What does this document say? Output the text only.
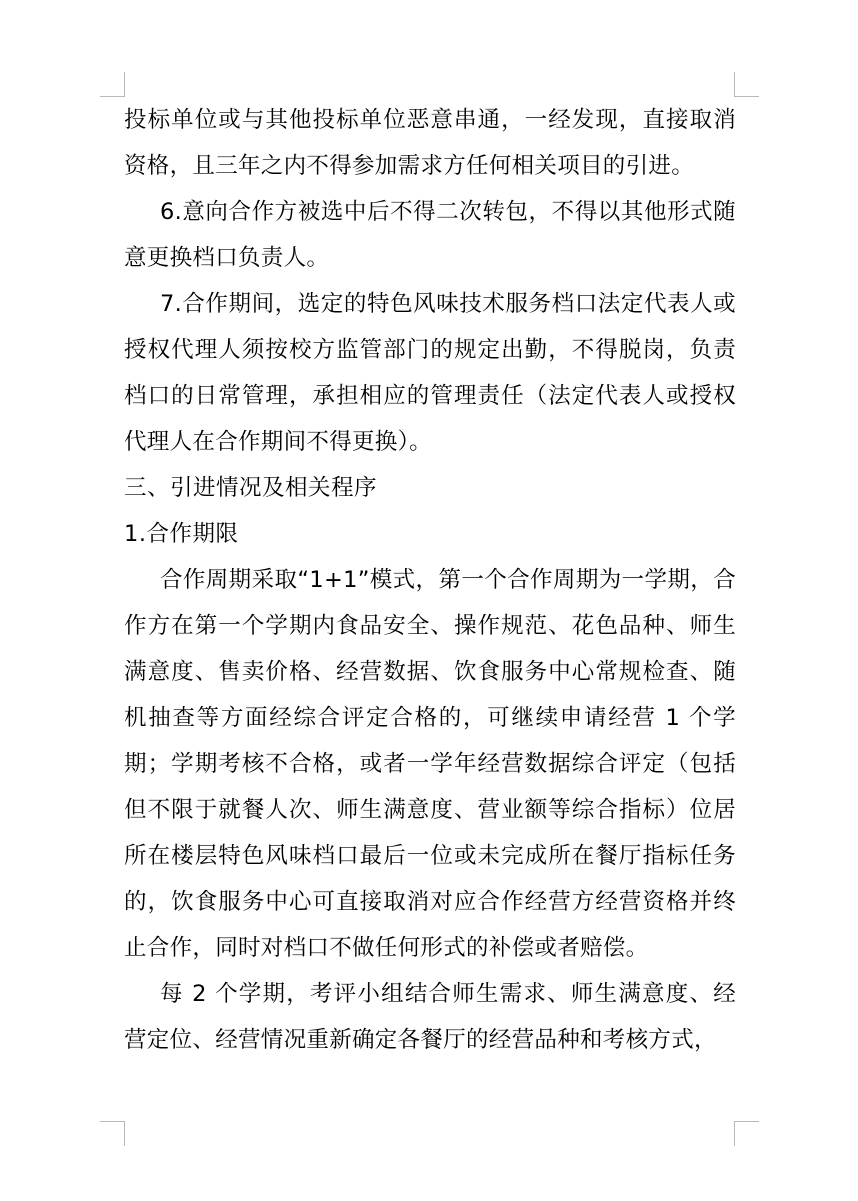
投标单位或与其他投标单位恶意串通，一经发现，直接取消资格，且三年之内不得参加需求方任何相关项目的引进。

6.意向合作方被选中后不得二次转包，不得以其他形式随意更换档口负责人。

7.合作期间，选定的特色风味技术服务档口法定代表人或授权代理人须按校方监管部门的规定出勤，不得脱岗，负责档口的日常管理，承担相应的管理责任（法定代表人或授权代理人在合作期间不得更换）。

三、引进情况及相关程序

1.合作期限

合作周期采取“1+1”模式，第一个合作周期为一学期，合作方在第一个学期内食品安全、操作规范、花色品种、师生满意度、售卖价格、经营数据、饮食服务中心常规检查、随机抽查等方面经综合评定合格的，可继续申请经营 1 个学期；学期考核不合格，或者一学年经营数据综合评定（包括但不限于就餐人次、师生满意度、营业额等综合指标）位居所在楼层特色风味档口最后一位或未完成所在餐厅指标任务的，饮食服务中心可直接取消对应合作经营方经营资格并终止合作，同时对档口不做任何形式的补偿或者赔偿。

每 2 个学期，考评小组结合师生需求、师生满意度、经营定位、经营情况重新确定各餐厅的经营品种和考核方式，
